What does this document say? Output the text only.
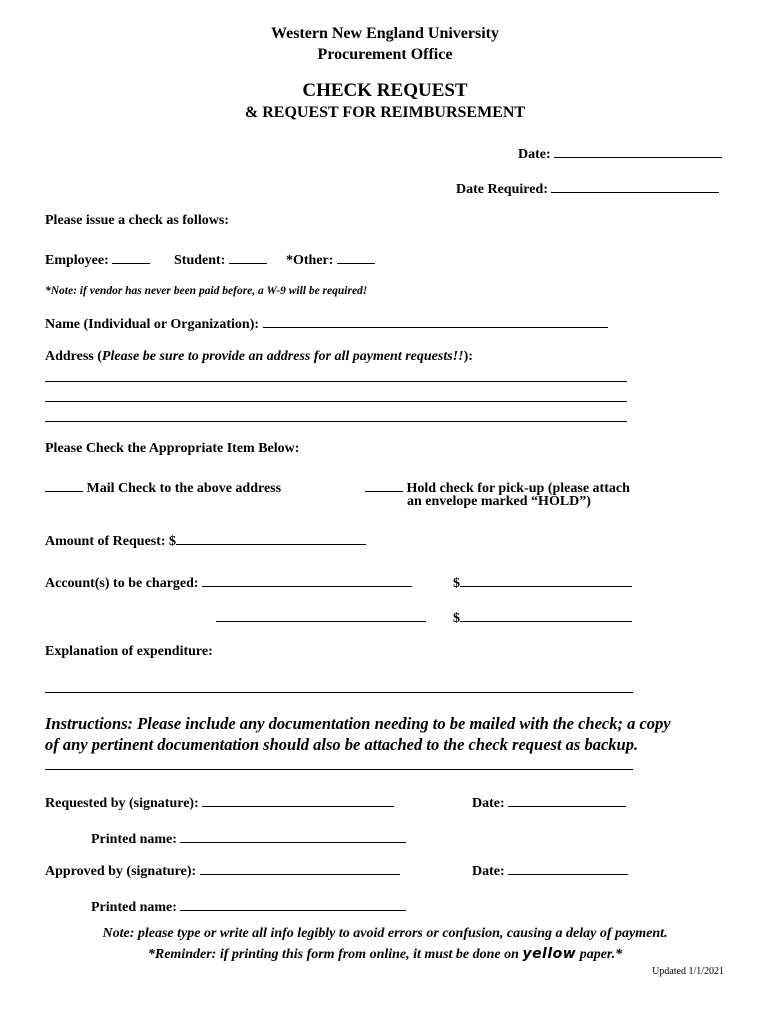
Western New England University
Procurement Office
CHECK REQUEST
& REQUEST FOR REIMBURSEMENT
Date:
Date Required:
Please issue a check as follows:
Employee:	Student:	*Other:
*Note: if vendor has never been paid before, a W-9 will be required!
Name (Individual or Organization):
Address (Please be sure to provide an address for all payment requests!!):
Please Check the Appropriate Item Below:
Mail Check to the above address	Hold check for pick-up (please attach
an envelope marked “HOLD”)
Amount of Request: $
Account(s) to be charged:	$
$
Explanation of expenditure:
Instructions: Please include any documentation needing to be mailed with the check; a copy
of any pertinent documentation should also be attached to the check request as backup.
Requested by (signature):	Date:
Printed name:
Approved by (signature):	Date:
Printed name:
Note: please type or write all info legibly to avoid errors or confusion, causing a delay of payment.
*Reminder: if printing this form from online, it must be done on yellow paper.*
Updated 1/1/2021
